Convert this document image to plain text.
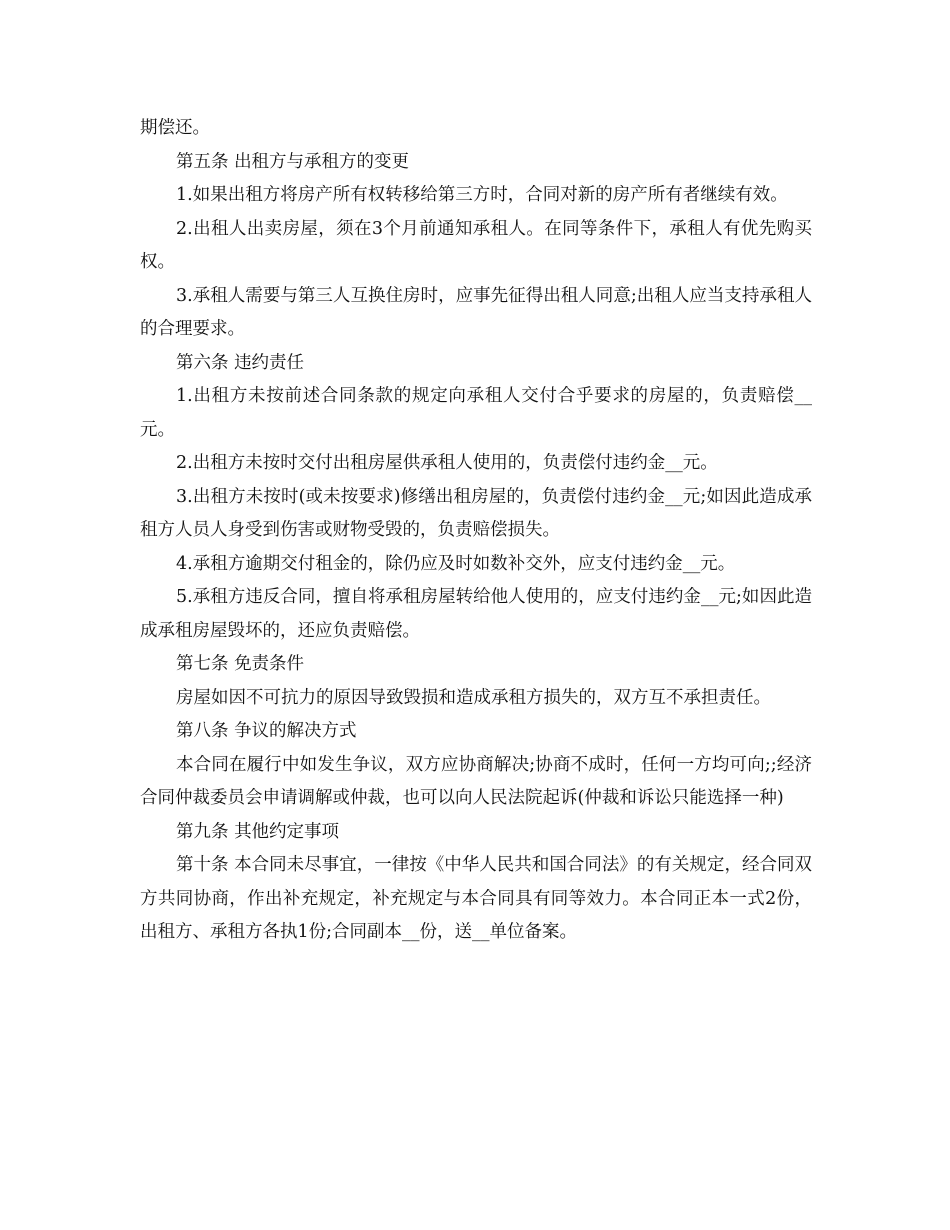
期偿还。

第五条 出租方与承租方的变更

1.如果出租方将房产所有权转移给第三方时，合同对新的房产所有者继续有效。

2.出租人出卖房屋，须在3个月前通知承租人。在同等条件下，承租人有优先购买权。

3.承租人需要与第三人互换住房时，应事先征得出租人同意;出租人应当支持承租人的合理要求。

第六条 违约责任

1.出租方未按前述合同条款的规定向承租人交付合乎要求的房屋的，负责赔偿__元。

2.出租方未按时交付出租房屋供承租人使用的，负责偿付违约金__元。

3.出租方未按时(或未按要求)修缮出租房屋的，负责偿付违约金__元;如因此造成承租方人员人身受到伤害或财物受毁的，负责赔偿损失。

4.承租方逾期交付租金的，除仍应及时如数补交外，应支付违约金__元。

5.承租方违反合同，擅自将承租房屋转给他人使用的，应支付违约金__元;如因此造成承租房屋毁坏的，还应负责赔偿。

第七条 免责条件

房屋如因不可抗力的原因导致毁损和造成承租方损失的，双方互不承担责任。

第八条 争议的解决方式

本合同在履行中如发生争议，双方应协商解决;协商不成时，任何一方均可向;;经济合同仲裁委员会申请调解或仲裁，也可以向人民法院起诉(仲裁和诉讼只能选择一种)

第九条 其他约定事项

第十条 本合同未尽事宜，一律按《中华人民共和国合同法》的有关规定，经合同双方共同协商，作出补充规定，补充规定与本合同具有同等效力。本合同正本一式2份，出租方、承租方各执1份;合同副本__份，送__单位备案。
